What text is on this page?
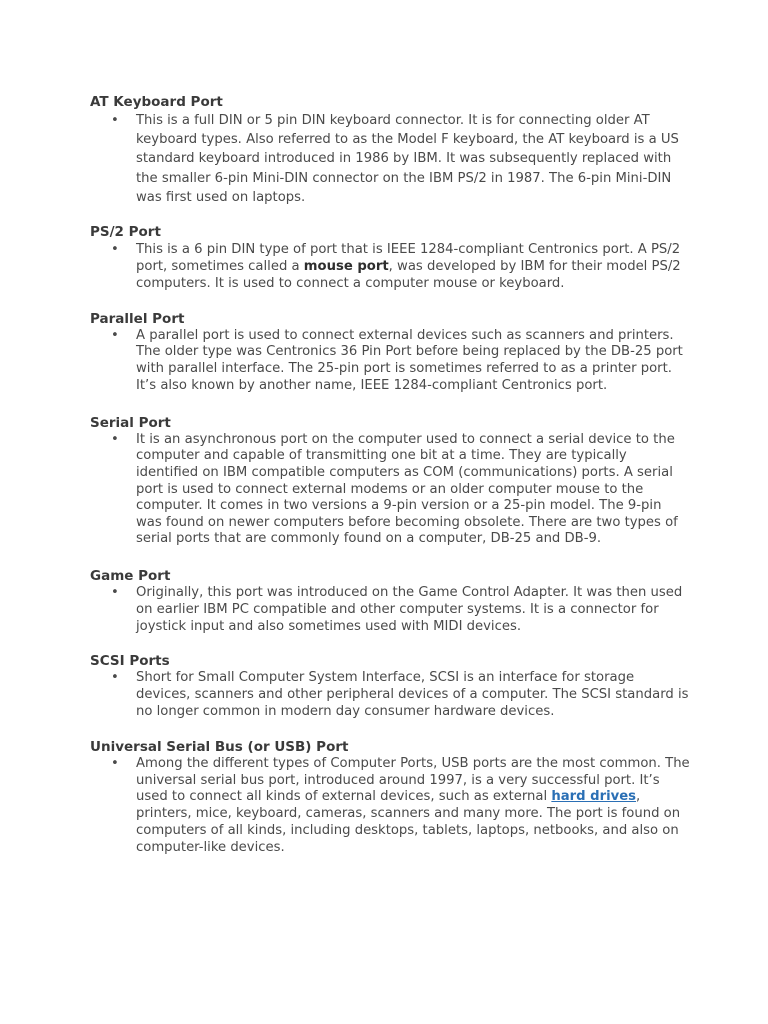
AT Keyboard Port
• This is a full DIN or 5 pin DIN keyboard connector. It is for connecting older AT keyboard types. Also referred to as the Model F keyboard, the AT keyboard is a US standard keyboard introduced in 1986 by IBM. It was subsequently replaced with the smaller 6-pin Mini-DIN connector on the IBM PS/2 in 1987. The 6-pin Mini-DIN was first used on laptops.
PS/2 Port
• This is a 6 pin DIN type of port that is IEEE 1284-compliant Centronics port. A PS/2 port, sometimes called a mouse port, was developed by IBM for their model PS/2 computers. It is used to connect a computer mouse or keyboard.
Parallel Port
• A parallel port is used to connect external devices such as scanners and printers. The older type was Centronics 36 Pin Port before being replaced by the DB-25 port with parallel interface. The 25-pin port is sometimes referred to as a printer port. It’s also known by another name, IEEE 1284-compliant Centronics port.
Serial Port
• It is an asynchronous port on the computer used to connect a serial device to the computer and capable of transmitting one bit at a time. They are typically identified on IBM compatible computers as COM (communications) ports. A serial port is used to connect external modems or an older computer mouse to the computer. It comes in two versions a 9-pin version or a 25-pin model. The 9-pin was found on newer computers before becoming obsolete. There are two types of serial ports that are commonly found on a computer, DB-25 and DB-9.
Game Port
• Originally, this port was introduced on the Game Control Adapter. It was then used on earlier IBM PC compatible and other computer systems. It is a connector for joystick input and also sometimes used with MIDI devices.
SCSI Ports
• Short for Small Computer System Interface, SCSI is an interface for storage devices, scanners and other peripheral devices of a computer. The SCSI standard is no longer common in modern day consumer hardware devices.
Universal Serial Bus (or USB) Port
• Among the different types of Computer Ports, USB ports are the most common. The universal serial bus port, introduced around 1997, is a very successful port. It’s used to connect all kinds of external devices, such as external hard drives, printers, mice, keyboard, cameras, scanners and many more. The port is found on computers of all kinds, including desktops, tablets, laptops, netbooks, and also on computer-like devices.
